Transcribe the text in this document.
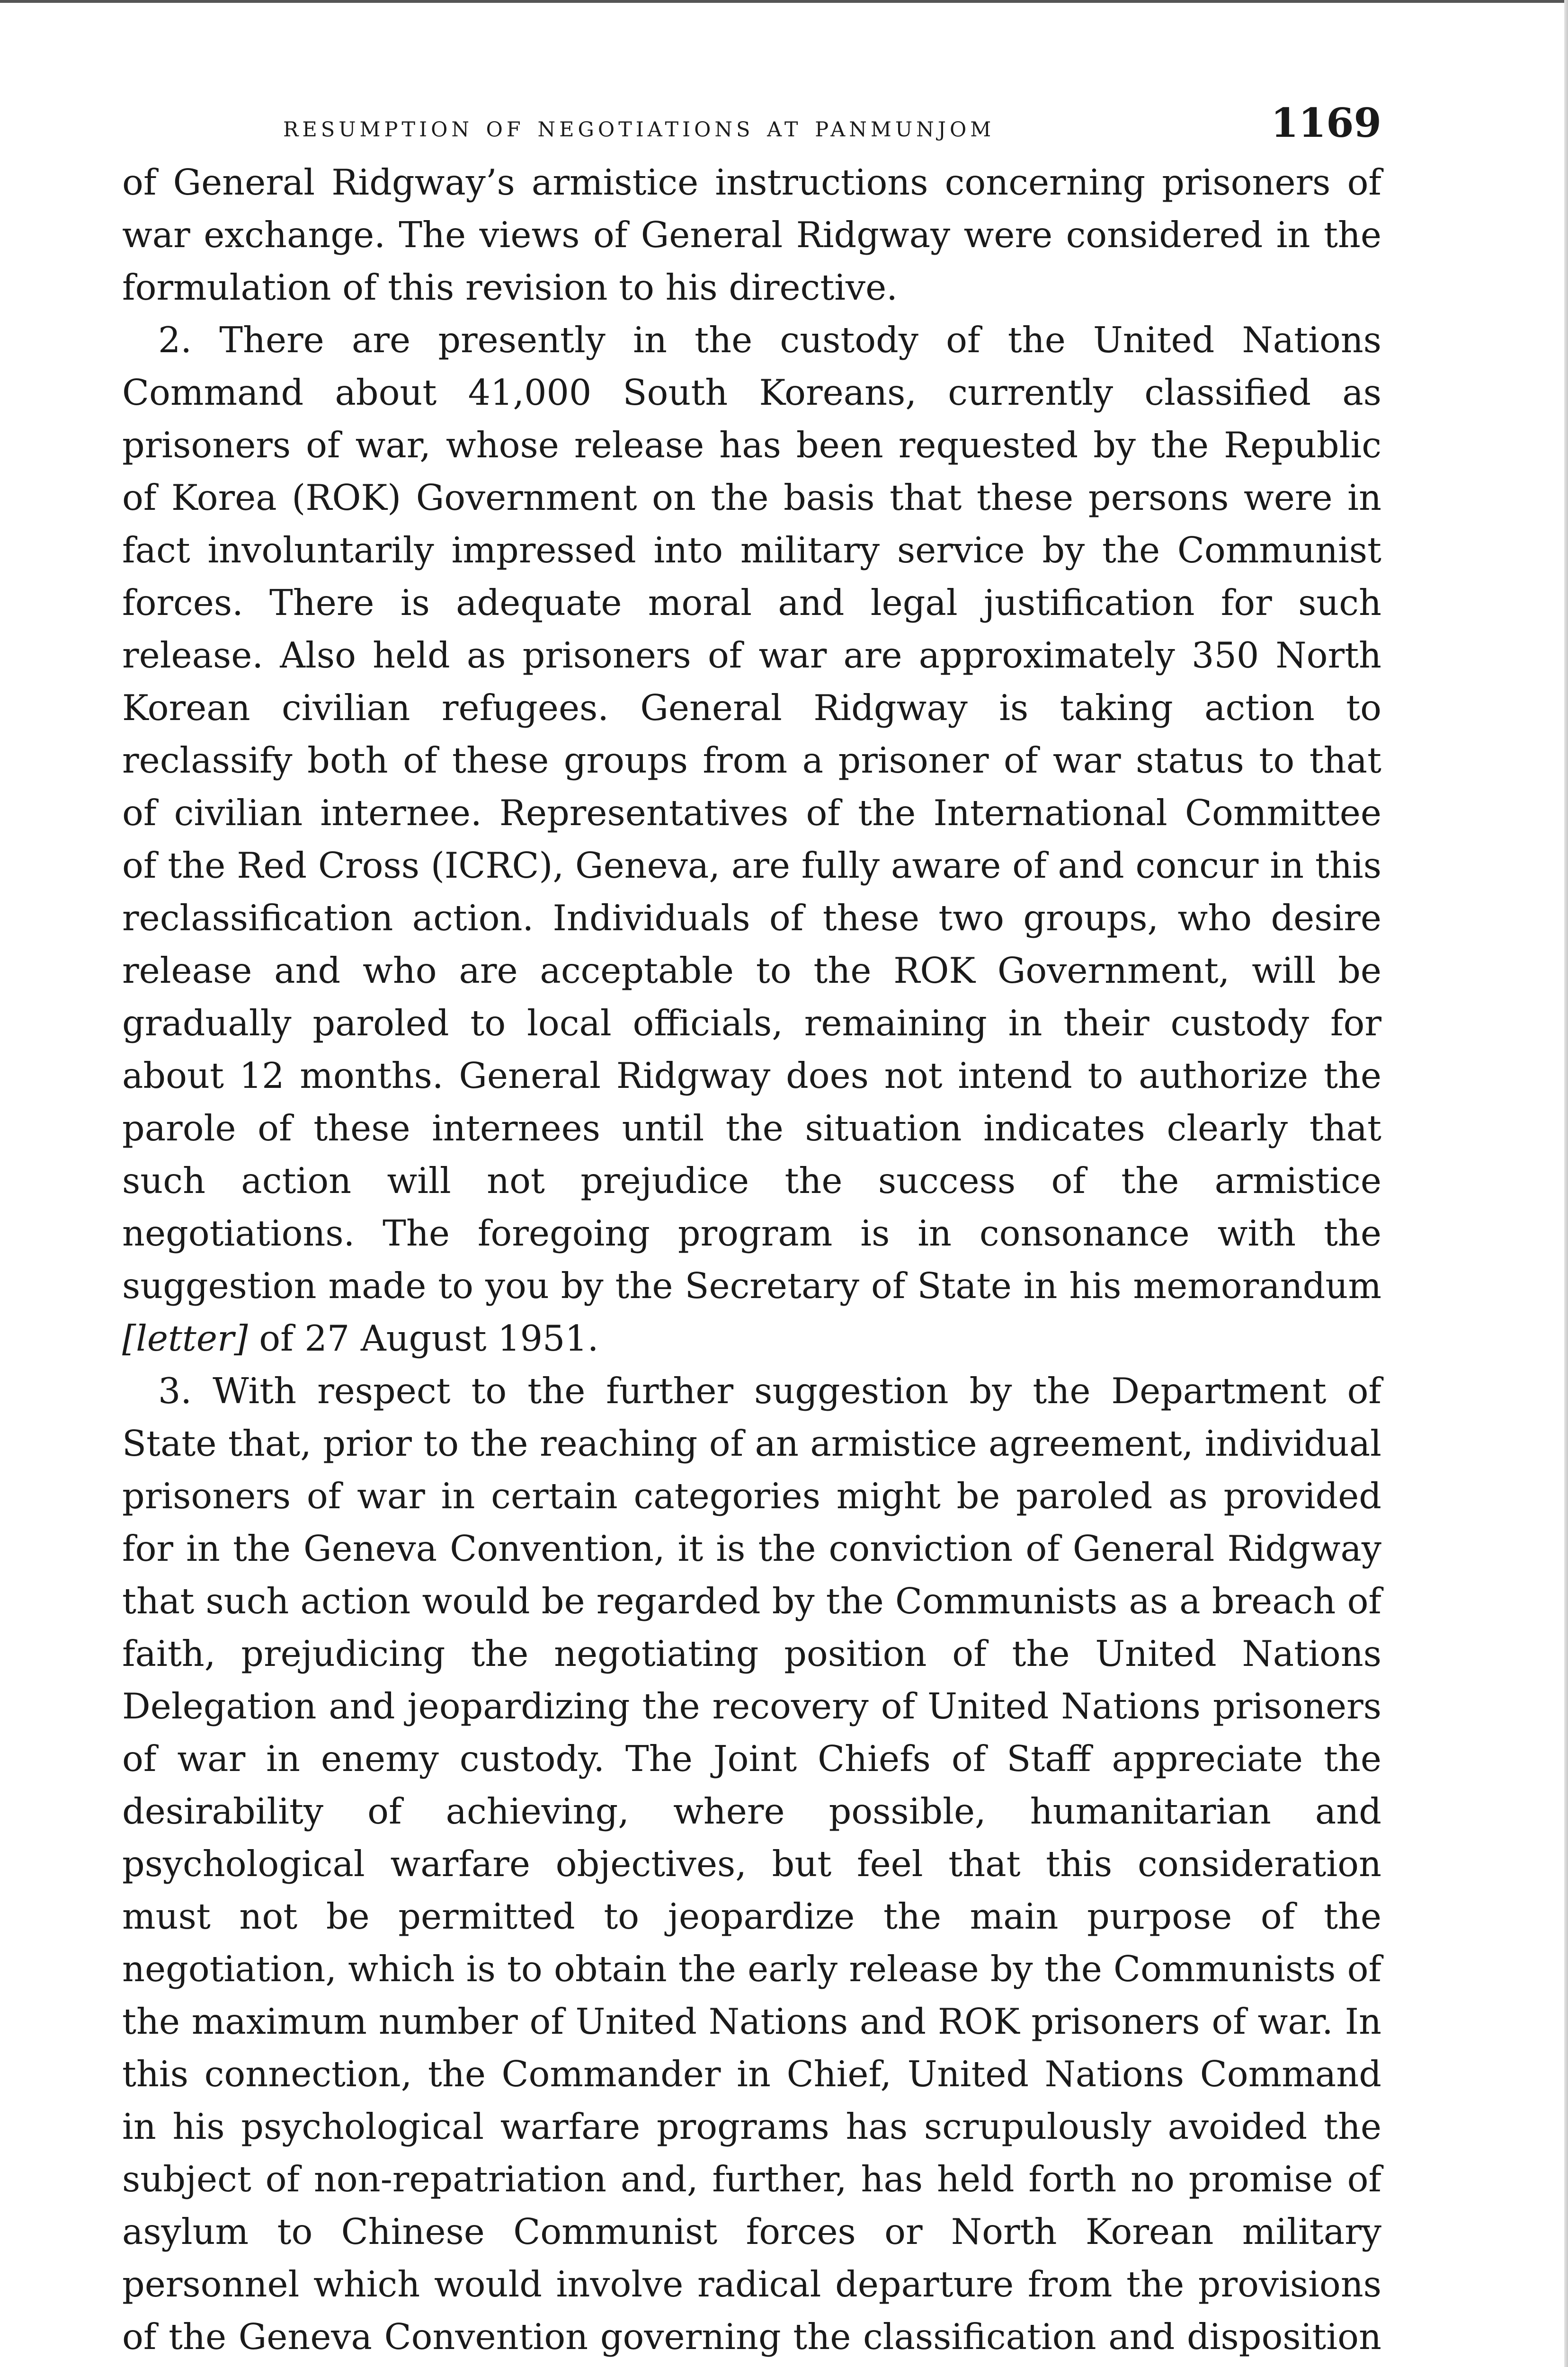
resumption of negotiations at panmunjom	1169

of General Ridgway’s armistice instructions concerning prisoners of war exchange. The views of General Ridgway were considered in the formulation of this revision to his directive.

2. There are presently in the custody of the United Nations Command about 41,000 South Koreans, currently classified as prisoners of war, whose release has been requested by the Republic of Korea (ROK) Government on the basis that these persons were in fact involuntarily impressed into military service by the Communist forces. There is adequate moral and legal justification for such release. Also held as prisoners of war are approximately 350 North Korean civilian refugees. General Ridgway is taking action to reclassify both of these groups from a prisoner of war status to that of civilian internee. Representatives of the International Committee of the Red Cross (ICRC), Geneva, are fully aware of and concur in this reclassification action. Individuals of these two groups, who desire release and who are acceptable to the ROK Government, will be gradually paroled to local officials, remaining in their custody for about 12 months. General Ridgway does not intend to authorize the parole of these internees until the situation indicates clearly that such action will not prejudice the success of the armistice negotiations. The foregoing program is in consonance with the suggestion made to you by the Secretary of State in his memorandum [letter] of 27 August 1951.

3. With respect to the further suggestion by the Department of State that, prior to the reaching of an armistice agreement, individual prisoners of war in certain categories might be paroled as provided for in the Geneva Convention, it is the conviction of General Ridgway that such action would be regarded by the Communists as a breach of faith, prejudicing the negotiating position of the United Nations Delegation and jeopardizing the recovery of United Nations prisoners of war in enemy custody. The Joint Chiefs of Staff appreciate the desirability of achieving, where possible, humanitarian and psychological warfare objectives, but feel that this consideration must not be permitted to jeopardize the main purpose of the negotiation, which is to obtain the early release by the Communists of the maximum number of United Nations and ROK prisoners of war. In this connection, the Commander in Chief, United Nations Command in his psychological warfare programs has scrupulously avoided the subject of non-repatriation and, further, has held forth no promise of asylum to Chinese Communist forces or North Korean military personnel which would involve radical departure from the provisions of the Geneva Convention governing the classification and disposition
